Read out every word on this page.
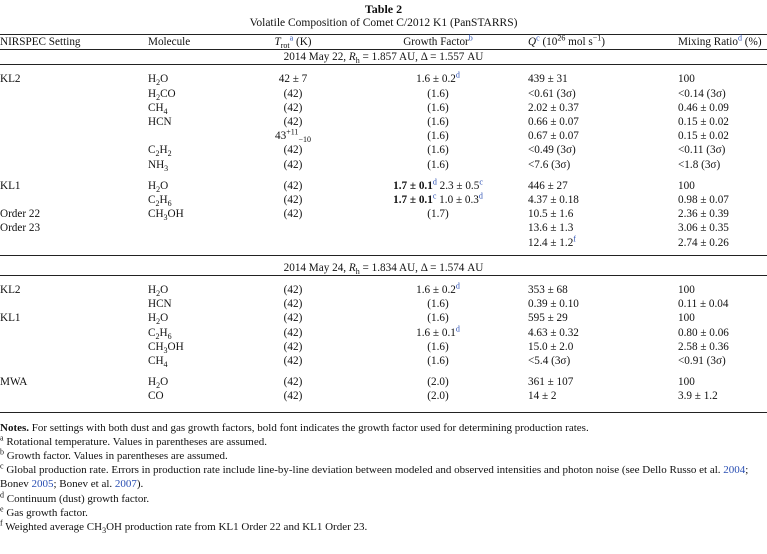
Table 2
Volatile Composition of Comet C/2012 K1 (PanSTARRS)
NIRSPEC Setting	Molecule	$T_{rot}^a$ (K)	Growth Factor$^b$	Q$^c$ ($10^{26}$ mol $s^{-1}$)	Mixing Ratio$^d$ (%)
2014 May 22, $R_h = 1.857$ AU, Δ = 1.557 AU					

KL2	$H_2O$	42 ± 7	1.6 ± 0.2$^d$	439 ± 31	100
	$H_2CO$	(42)	(1.6)	<0.61 (3σ)	<0.14 (3σ)
	$CH_4$	(42)	(1.6)	2.02 ± 0.37	0.46 ± 0.09
	HCN	(42)	(1.6)	0.66 ± 0.07	0.15 ± 0.02
		$43^{+11}_{-10}$	(1.6)	0.67 ± 0.07	0.15 ± 0.02
	$C_2H_2$	(42)	(1.6)	<0.49 (3σ)	<0.11 (3σ)
	$NH_3$	(42)	(1.6)	<7.6 (3σ)	<1.8 (3σ)

KL1	$H_2O$	(42)	1.7 ± 0.1$^d$ 2.3 ± 0.5$^c$	446 ± 27	100
	$C_2H_6$	(42)	1.7 ± 0.1$^c$ 1.0 ± 0.3$^d$	4.37 ± 0.18	0.98 ± 0.07
Order 22	$CH_3OH$	(42)	(1.7)	10.5 ± 1.6	2.36 ± 0.39
Order 23				13.6 ± 1.3	3.06 ± 0.35
				12.4 ± 1.2$^f$	2.74 ± 0.26
2014 May 24, $R_h = 1.834$ AU, Δ = 1.574 AU					

KL2	$H_2O$	(42)	1.6 ± 0.2$^d$	353 ± 68	100
	HCN	(42)	(1.6)	0.39 ± 0.10	0.11 ± 0.04
KL1	$H_2O$	(42)	(1.6)	595 ± 29	100
	$C_2H_6$	(42)	1.6 ± 0.1$^d$	4.63 ± 0.32	0.80 ± 0.06
	$CH_3OH$	(42)	(1.6)	15.0 ± 2.0	2.58 ± 0.36
	$CH_4$	(42)	(1.6)	<5.4 (3σ)	<0.91 (3σ)

MWA	$H_2O$	(42)	(2.0)	361 ± 107	100
	CO	(42)	(2.0)	14 ± 2	3.9 ± 1.2

Notes. For settings with both dust and gas growth factors, bold font indicates the growth factor used for determining production rates.

$^a$ Rotational temperature. Values in parentheses are assumed.

$^b$ Growth factor. Values in parentheses are assumed.

$^c$ Global production rate. Errors in production rate include line-by-line deviation between modeled and observed intensities and photon noise (see Dello Russo et al. 2004; Bonev 2005; Bonev et al. 2007).

$^d$ Continuum (dust) growth factor.

$^e$ Gas growth factor.

$^f$ Weighted average $CH_3OH$ production rate from KL1 Order 22 and KL1 Order 23.
